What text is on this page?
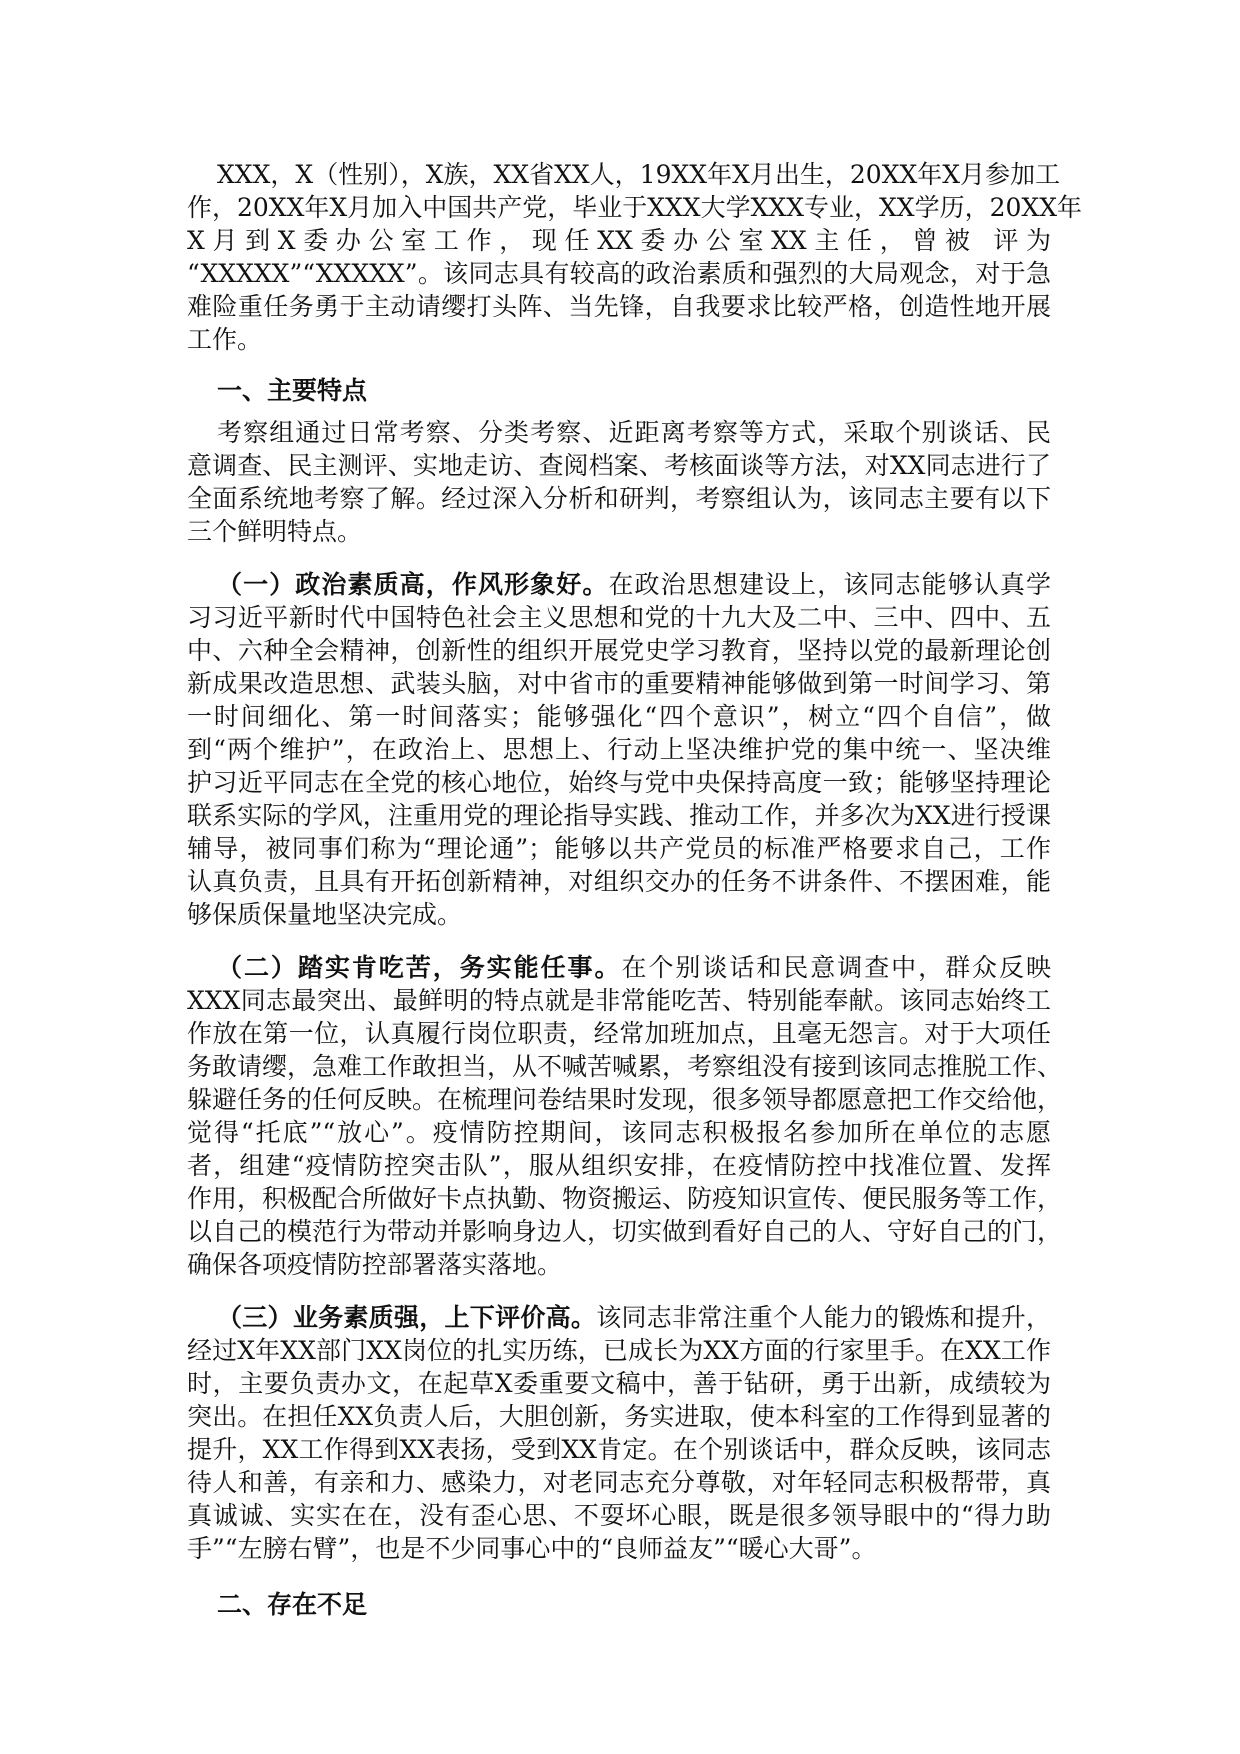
XXX，X（性别），X族，XX省XX人，19XX年X月出生，20XX年X月参加工
作，20XX年X月加入中国共产党，毕业于XXX大学XXX专业，XX学历，20XX年
X月到X委办公室工作，现任XX委办公室XX主任，曾被 评为
“XXXXX”“XXXXX”。该同志具有较高的政治素质和强烈的大局观念，对于急
难险重任务勇于主动请缨打头阵、当先锋，自我要求比较严格，创造性地开展
工作。
一、主要特点
考察组通过日常考察、分类考察、近距离考察等方式，采取个别谈话、民
意调查、民主测评、实地走访、查阅档案、考核面谈等方法，对XX同志进行了
全面系统地考察了解。经过深入分析和研判，考察组认为，该同志主要有以下
三个鲜明特点。
（一）政治素质高，作风形象好。在政治思想建设上，该同志能够认真学
习习近平新时代中国特色社会主义思想和党的十九大及二中、三中、四中、五
中、六种全会精神，创新性的组织开展党史学习教育，坚持以党的最新理论创
新成果改造思想、武装头脑，对中省市的重要精神能够做到第一时间学习、第
一时间细化、第一时间落实；能够强化“四个意识”，树立“四个自信”，做
到“两个维护”，在政治上、思想上、行动上坚决维护党的集中统一、坚决维
护习近平同志在全党的核心地位，始终与党中央保持高度一致；能够坚持理论
联系实际的学风，注重用党的理论指导实践、推动工作，并多次为XX进行授课
辅导，被同事们称为“理论通”；能够以共产党员的标准严格要求自己，工作
认真负责，且具有开拓创新精神，对组织交办的任务不讲条件、不摆困难，能
够保质保量地坚决完成。
（二）踏实肯吃苦，务实能任事。在个别谈话和民意调查中，群众反映
XXX同志最突出、最鲜明的特点就是非常能吃苦、特别能奉献。该同志始终工
作放在第一位，认真履行岗位职责，经常加班加点，且毫无怨言。对于大项任
务敢请缨，急难工作敢担当，从不喊苦喊累，考察组没有接到该同志推脱工作、
躲避任务的任何反映。在梳理问卷结果时发现，很多领导都愿意把工作交给他，
觉得“托底”“放心”。疫情防控期间，该同志积极报名参加所在单位的志愿
者，组建“疫情防控突击队”，服从组织安排，在疫情防控中找准位置、发挥
作用，积极配合所做好卡点执勤、物资搬运、防疫知识宣传、便民服务等工作，
以自己的模范行为带动并影响身边人，切实做到看好自己的人、守好自己的门，
确保各项疫情防控部署落实落地。
（三）业务素质强，上下评价高。该同志非常注重个人能力的锻炼和提升，
经过X年XX部门XX岗位的扎实历练，已成长为XX方面的行家里手。在XX工作
时，主要负责办文，在起草X委重要文稿中，善于钻研，勇于出新，成绩较为
突出。在担任XX负责人后，大胆创新，务实进取，使本科室的工作得到显著的
提升，XX工作得到XX表扬，受到XX肯定。在个别谈话中，群众反映，该同志
待人和善，有亲和力、感染力，对老同志充分尊敬，对年轻同志积极帮带，真
真诚诚、实实在在，没有歪心思、不耍坏心眼，既是很多领导眼中的“得力助
手”“左膀右臂”，也是不少同事心中的“良师益友”“暖心大哥”。
二、存在不足
